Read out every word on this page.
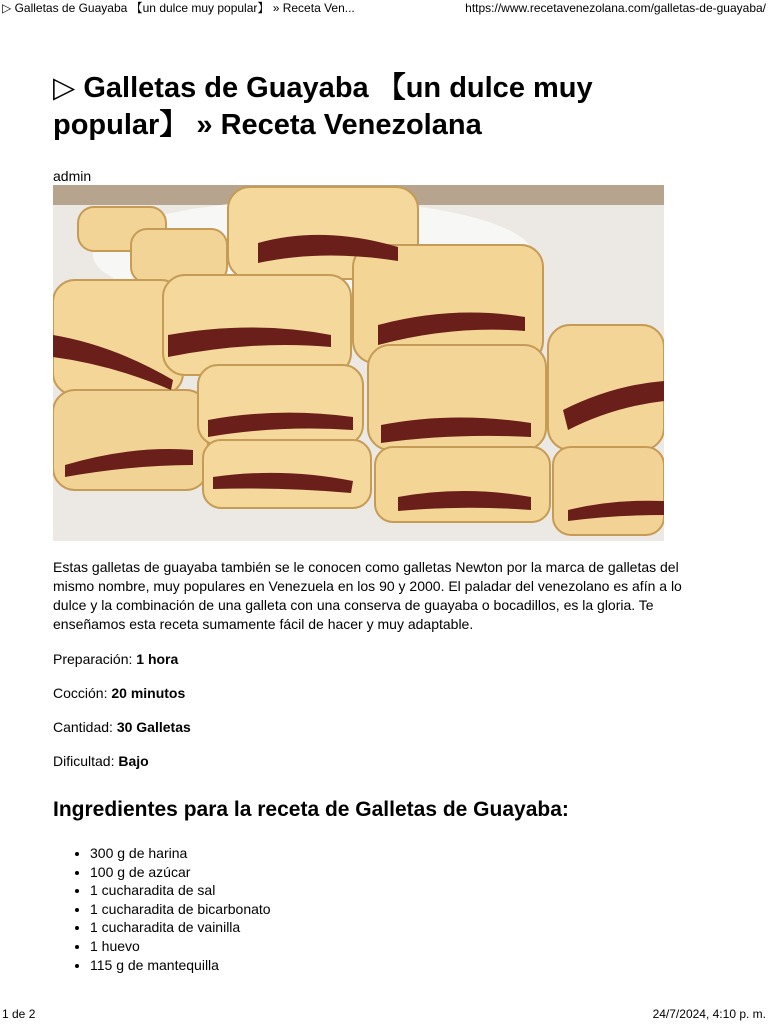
▷ Galletas de Guayaba 【un dulce muy popular】 » Receta Ven...	https://www.recetavenezolana.com/galletas-de-guayaba/
▷ Galletas de Guayaba 【un dulce muy popular】 » Receta Venezolana
admin

Estas galletas de guayaba también se le conocen como galletas Newton por la marca de galletas del mismo nombre, muy populares en Venezuela en los 90 y 2000. El paladar del venezolano es afín a lo dulce y la combinación de una galleta con una conserva de guayaba o bocadillos, es la gloria. Te enseñamos esta receta sumamente fácil de hacer y muy adaptable.

Preparación: 1 hora
Cocción: 20 minutos
Cantidad: 30 Galletas
Dificultad: Bajo
Ingredientes para la receta de Galletas de Guayaba:
• 300 g de harina
• 100 g de azúcar
• 1 cucharadita de sal
• 1 cucharadita de bicarbonato
• 1 cucharadita de vainilla
• 1 huevo
• 115 g de mantequilla
1 de 2	24/7/2024, 4:10 p. m.
